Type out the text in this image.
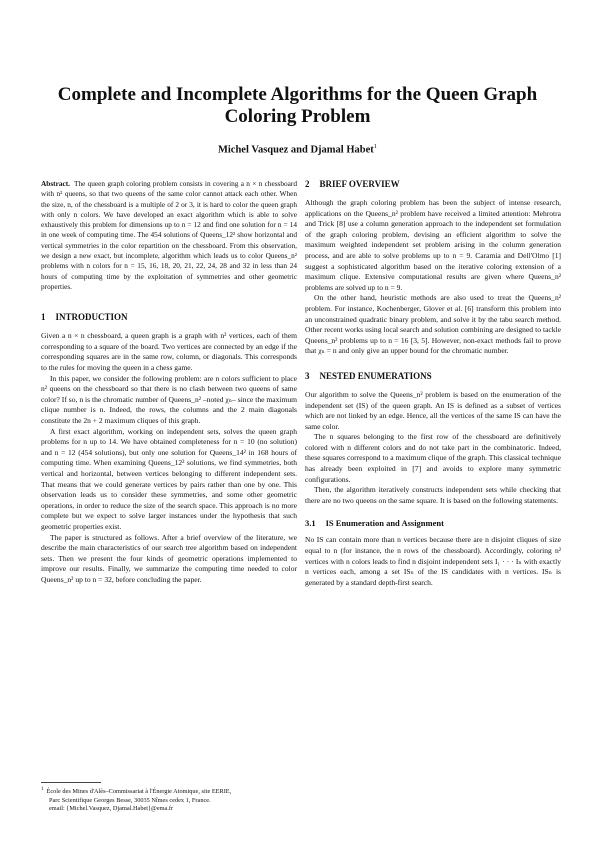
Complete and Incomplete Algorithms for the Queen Graph Coloring Problem
Michel Vasquez and Djamal Habet$^1$

Abstract. The queen graph coloring problem consists in covering a n × n chessboard with n² queens, so that two queens of the same color cannot attack each other. When the size, n, of the chessboard is a multiple of 2 or 3, it is hard to color the queen graph with only n colors. We have developed an exact algorithm which is able to solve exhaustively this problem for dimensions up to n = 12 and find one solution for n = 14 in one week of computing time. The 454 solutions of Queens_12² show horizontal and vertical symmetries in the color repartition on the chessboard. From this observation, we design a new exact, but incomplete, algorithm which leads us to color Queens_n² problems with n colors for n = 15, 16, 18, 20, 21, 22, 24, 28 and 32 in less than 24 hours of computing time by the exploitation of symmetries and other geometric properties.

1 INTRODUCTION

Given a n × n chessboard, a queen graph is a graph with n² vertices, each of them corresponding to a square of the board. Two vertices are connected by an edge if the corresponding squares are in the same row, column, or diagonals. This corresponds to the rules for moving the queen in a chess game.

In this paper, we consider the following problem: are n colors sufficient to place n² queens on the chessboard so that there is no clash between two queens of same color? If so, n is the chromatic number of Queens_n² –noted χₙ– since the maximum clique number is n. Indeed, the rows, the columns and the 2 main diagonals constitute the 2n + 2 maximum cliques of this graph.

A first exact algorithm, working on independent sets, solves the queen graph problems for n up to 14. We have obtained completeness for n = 10 (no solution) and n = 12 (454 solutions), but only one solution for Queens_14² in 168 hours of computing time. When examining Queens_12² solutions, we find symmetries, both vertical and horizontal, between vertices belonging to different independent sets. That means that we could generate vertices by pairs rather than one by one. This observation leads us to consider these symmetries, and some other geometric operations, in order to reduce the size of the search space. This approach is no more complete but we expect to solve larger instances under the hypothesis that such geometric properties exist.

The paper is structured as follows. After a brief overview of the literature, we describe the main characteristics of our search tree algorithm based on independent sets. Then we present the four kinds of geometric operations implemented to improve our results. Finally, we summarize the computing time needed to color Queens_n² up to n = 32, before concluding the paper.

2 BRIEF OVERVIEW

Although the graph coloring problem has been the subject of intense research, applications on the Queens_n² problem have received a limited attention: Mehrotra and Trick [8] use a column generation approach to the independent set formulation of the graph coloring problem, devising an efficient algorithm to solve the maximum weighted independent set problem arising in the column generation process, and are able to solve problems up to n = 9. Caramia and Dell'Olmo [1] suggest a sophisticated algorithm based on the iterative coloring extension of a maximum clique. Extensive computational results are given where Queens_n² problems are solved up to n = 9.

On the other hand, heuristic methods are also used to treat the Queens_n² problem. For instance, Kochenberger, Glover et al. [6] transform this problem into an unconstrained quadratic binary problem, and solve it by the tabu search method. Other recent works using local search and solution combining are designed to tackle Queens_n² problems up to n = 16 [3, 5]. However, non-exact methods fail to prove that χₙ = n and only give an upper bound for the chromatic number.

3 NESTED ENUMERATIONS

Our algorithm to solve the Queens_n² problem is based on the enumeration of the independent set (IS) of the queen graph. An IS is defined as a subset of vertices which are not linked by an edge. Hence, all the vertices of the same IS can have the same color.

The n squares belonging to the first row of the chessboard are definitively colored with n different colors and do not take part in the combinatoric. Indeed, these squares correspond to a maximum clique of the graph. This classical technique has already been exploited in [7] and avoids to explore many symmetric configurations.

Then, the algorithm iteratively constructs independent sets while checking that there are no two queens on the same square. It is based on the following statements.

3.1 IS Enumeration and Assignment

No IS can contain more than n vertices because there are n disjoint cliques of size equal to n (for instance, the n rows of the chessboard). Accordingly, coloring n² vertices with n colors leads to find n disjoint independent sets I₁ · · · Iₙ with exactly n vertices each, among a set ISₙ of the IS candidates with n vertices. ISₙ is generated by a standard depth-first search.

$^1$ École des Mines d'Alès–Commissariat à l'Énergie Atomique, site EERIE,
Parc Scientifique Georges Besse, 30035 Nîmes cedex 1, France.
email: {Michel.Vasquez, Djamal.Habet}@ema.fr
